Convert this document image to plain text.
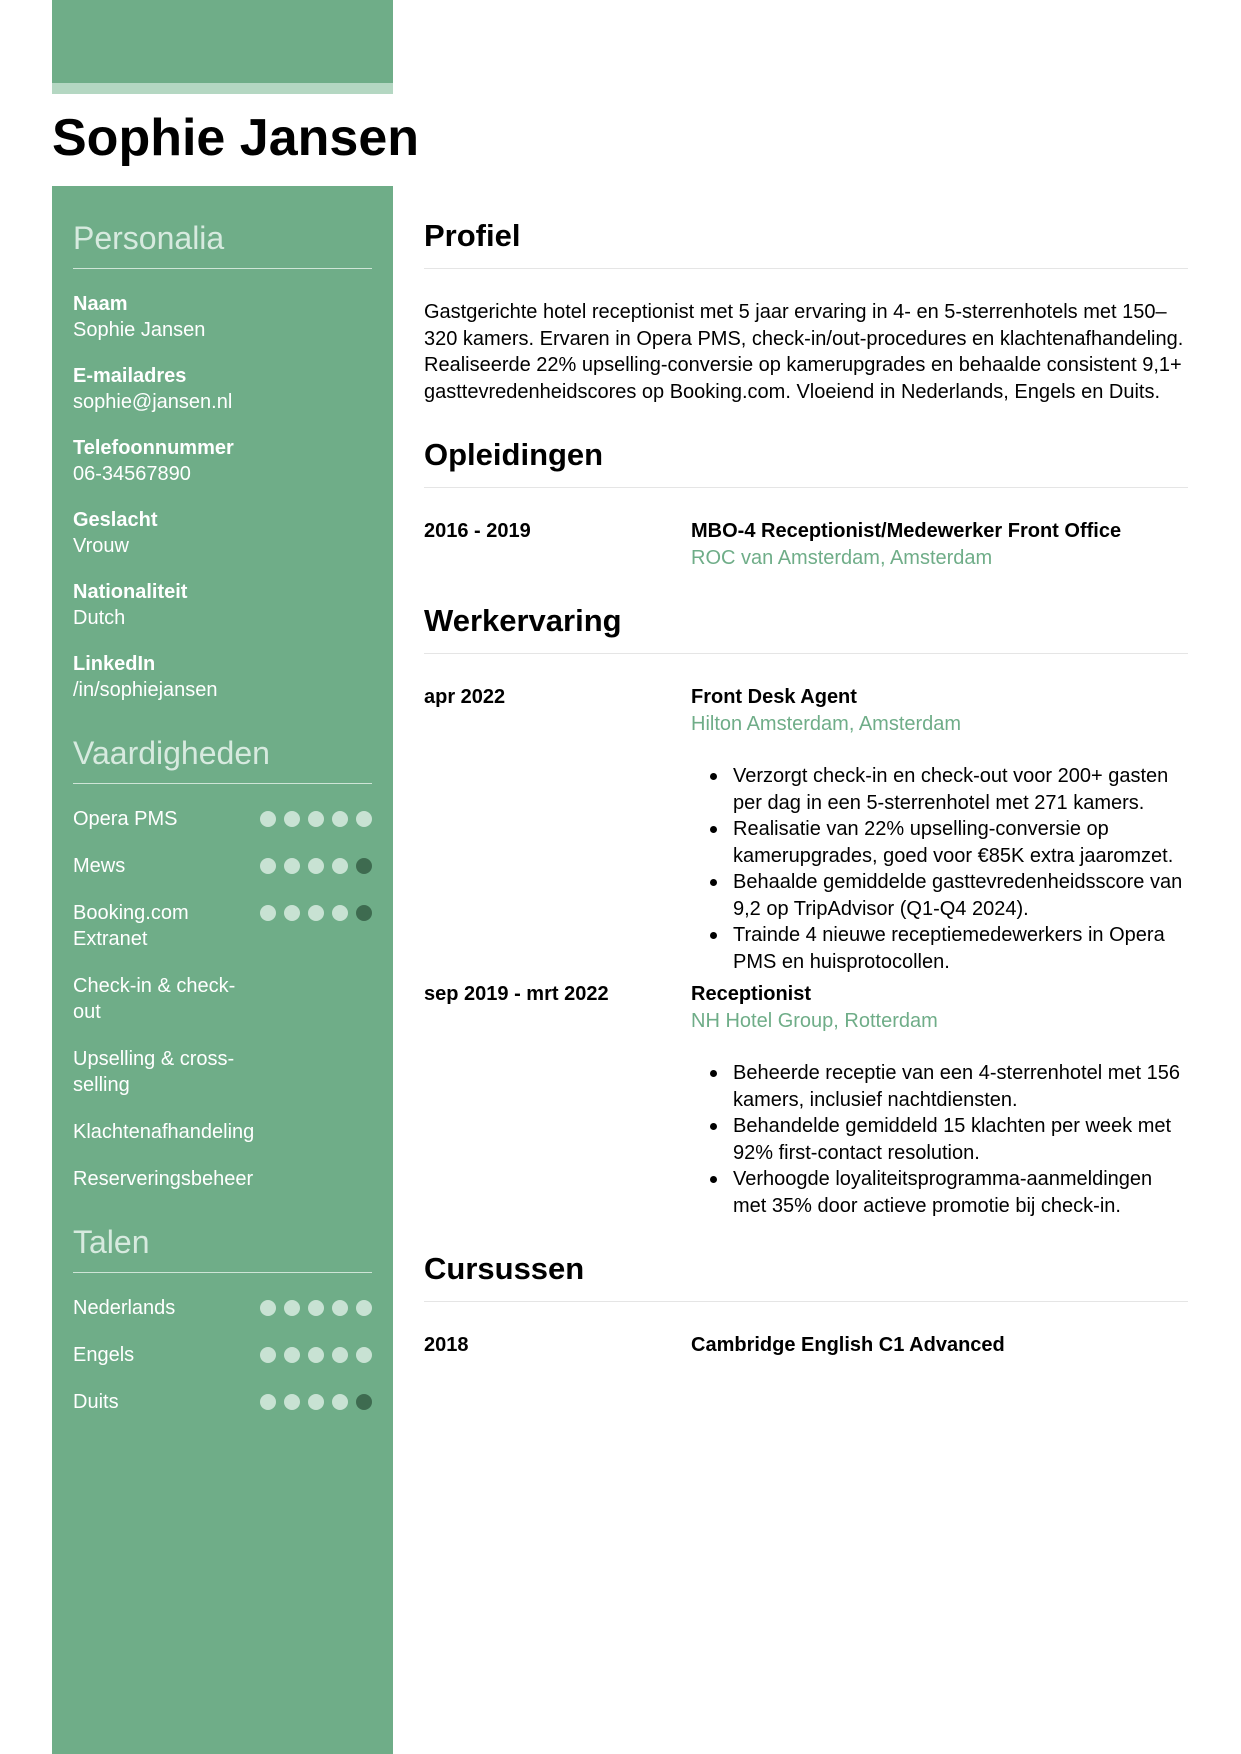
Sophie Jansen
Personalia
Naam
Sophie Jansen
E-mailadres
sophie@jansen.nl
Telefoonnummer
06-34567890
Geslacht
Vrouw
Nationaliteit
Dutch
LinkedIn
/in/sophiejansen
Vaardigheden
Opera PMS
Mews
Booking.com Extranet
Check-in & check-out
Upselling & cross-selling
Klachtenafhandeling
Reserveringsbeheer
Talen
Nederlands
Engels
Duits
Profiel

Gastgerichte hotel receptionist met 5 jaar ervaring in 4- en 5-sterrenhotels met 150–320 kamers. Ervaren in Opera PMS, check-in/out-procedures en klachtenafhandeling. Realiseerde 22% upselling-conversie op kamerupgrades en behaalde consistent 9,1+ gasttevredenheidscores op Booking.com. Vloeiend in Nederlands, Engels en Duits.

Opleidingen
2016 - 2019	MBO-4 Receptionist/Medewerker Front Office
ROC van Amsterdam, Amsterdam
Werkervaring
apr 2022	Front Desk Agent
Hilton Amsterdam, Amsterdam
Verzorgt check-in en check-out voor 200+ gasten per dag in een 5-sterrenhotel met 271 kamers.
Realisatie van 22% upselling-conversie op kamerupgrades, goed voor €85K extra jaaromzet.
Behaalde gemiddelde gasttevredenheidsscore van 9,2 op TripAdvisor (Q1-Q4 2024).
Trainde 4 nieuwe receptiemedewerkers in Opera PMS en huisprotocollen.
sep 2019 - mrt 2022	Receptionist
NH Hotel Group, Rotterdam
Beheerde receptie van een 4-sterrenhotel met 156 kamers, inclusief nachtdiensten.
Behandelde gemiddeld 15 klachten per week met 92% first-contact resolution.
Verhoogde loyaliteitsprogramma-aanmeldingen met 35% door actieve promotie bij check-in.
Cursussen
2018	Cambridge English C1 Advanced
